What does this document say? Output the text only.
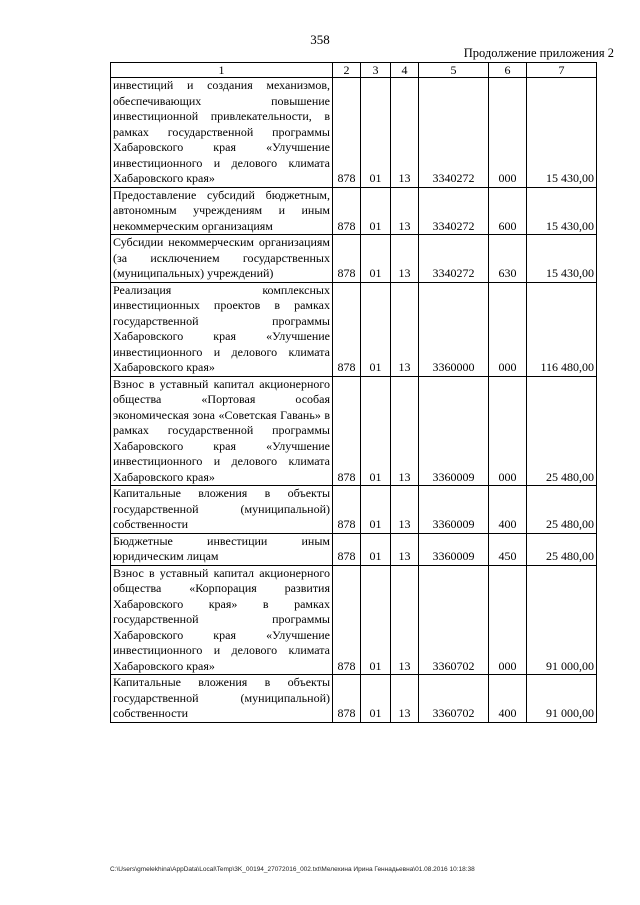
358
Продолжение приложения 2
1	2	3	4	5	6	7
инвестиций и создания механизмов, обеспечивающих повышение инвестиционной привлекательности, в рамках государственной программы Хабаровского края «Улучшение инвестиционного и делового климата Хабаровского края»	878	01	13	3340272	000	15 430,00
Предоставление субсидий бюджетным, автономным учреждениям и иным некоммерческим организациям	878	01	13	3340272	600	15 430,00
Субсидии некоммерческим организациям (за исключением государственных (муниципальных) учреждений)	878	01	13	3340272	630	15 430,00
Реализация комплексных инвестиционных проектов в рамках государственной программы Хабаровского края «Улучшение инвестиционного и делового климата Хабаровского края»	878	01	13	3360000	000	116 480,00
Взнос в уставный капитал акционерного общества «Портовая особая экономическая зона «Советская Гавань» в рамках государственной программы Хабаровского края «Улучшение инвестиционного и делового климата Хабаровского края»	878	01	13	3360009	000	25 480,00
Капитальные вложения в объекты государственной (муниципальной) собственности	878	01	13	3360009	400	25 480,00
Бюджетные инвестиции иным юридическим лицам	878	01	13	3360009	450	25 480,00
Взнос в уставный капитал акционерного общества «Корпорация развития Хабаровского края» в рамках государственной программы Хабаровского края «Улучшение инвестиционного и делового климата Хабаровского края»	878	01	13	3360702	000	91 000,00
Капитальные вложения в объекты государственной (муниципальной) собственности	878	01	13	3360702	400	91 000,00
C:\Users\gmelekhina\AppData\Local\Temp\3K_00194_27072016_002.txt\Мелехина Ирина Геннадьевна\01.08.2016 10:18:38
